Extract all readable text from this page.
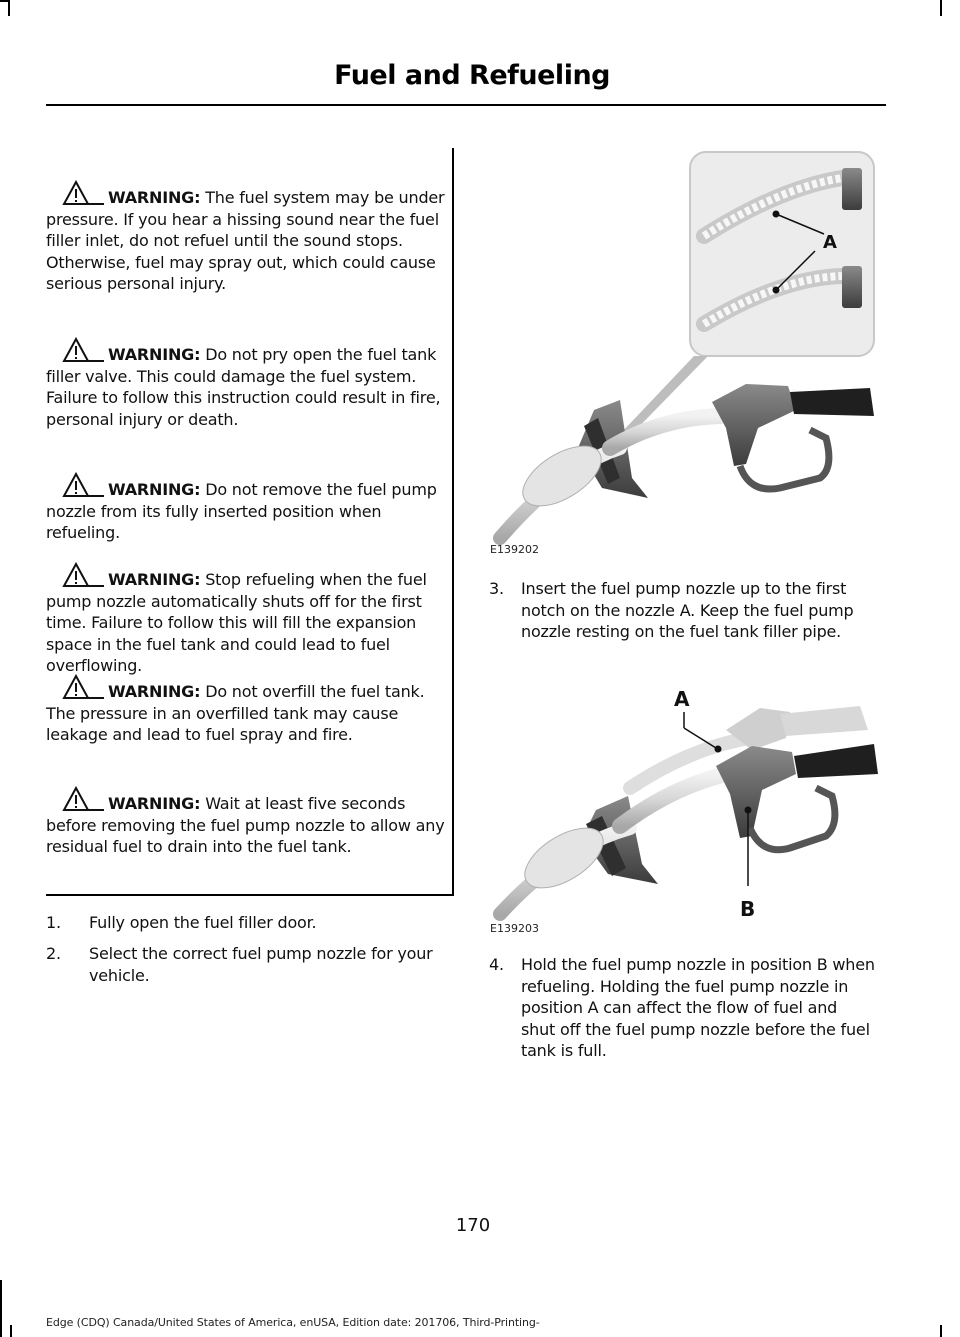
Fuel and Refueling
WARNING: The fuel system may be under pressure. If you hear a hissing sound near the fuel filler inlet, do not refuel until the sound stops. Otherwise, fuel may spray out, which could cause serious personal injury.
WARNING: Do not pry open the fuel tank filler valve. This could damage the fuel system. Failure to follow this instruction could result in fire, personal injury or death.
WARNING: Do not remove the fuel pump nozzle from its fully inserted position when refueling.
WARNING: Stop refueling when the fuel pump nozzle automatically shuts off for the first time. Failure to follow this will fill the expansion space in the fuel tank and could lead to fuel overflowing.
WARNING: Do not overfill the fuel tank. The pressure in an overfilled tank may cause leakage and lead to fuel spray and fire.
WARNING: Wait at least five seconds before removing the fuel pump nozzle to allow any residual fuel to drain into the fuel tank.
1. Fully open the fuel filler door.
2. Select the correct fuel pump nozzle for your vehicle.
A
E139202
3. Insert the fuel pump nozzle up to the first notch on the nozzle A. Keep the fuel pump nozzle resting on the fuel tank filler pipe.
A
B
E139203
4. Hold the fuel pump nozzle in position B when refueling. Holding the fuel pump nozzle in position A can affect the flow of fuel and shut off the fuel pump nozzle before the fuel tank is full.
170
Edge (CDQ) Canada/United States of America, enUSA, Edition date: 201706, Third-Printing-
